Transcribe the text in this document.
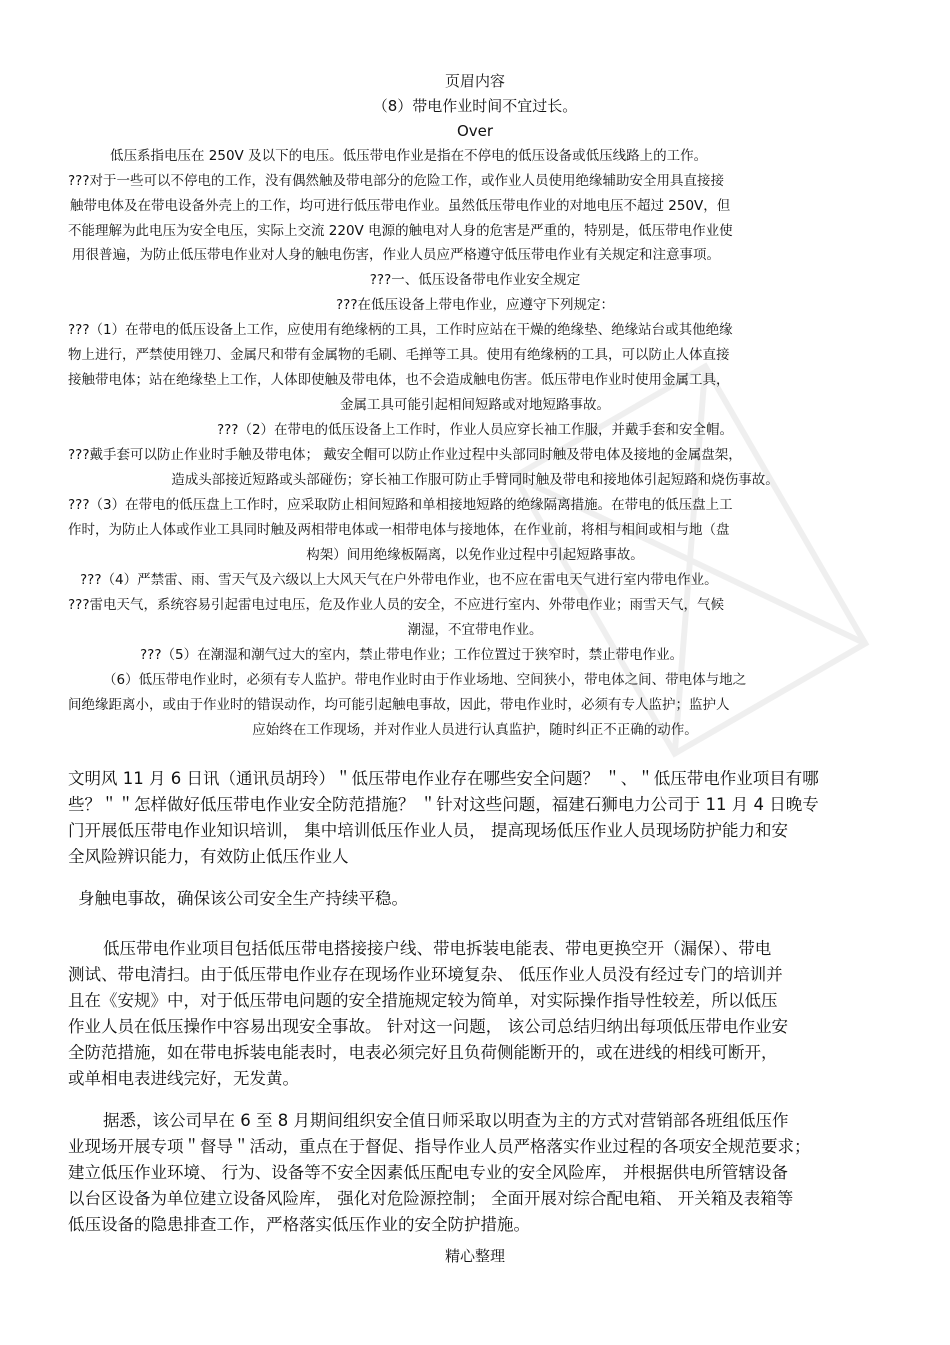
页眉内容
（8）带电作业时间不宜过长。
Over
低压系指电压在 250V 及以下的电压。低压带电作业是指在不停电的低压设备或低压线路上的工作。
???对于一些可以不停电的工作，没有偶然触及带电部分的危险工作，或作业人员使用绝缘辅助安全用具直接接
触带电体及在带电设备外壳上的工作，均可进行低压带电作业。虽然低压带电作业的对地电压不超过 250V，但
不能理解为此电压为安全电压，实际上交流 220V 电源的触电对人身的危害是严重的，特别是，低压带电作业使
用很普遍，为防止低压带电作业对人身的触电伤害，作业人员应严格遵守低压带电作业有关规定和注意事项。
???一、低压设备带电作业安全规定
???在低压设备上带电作业，应遵守下列规定：
???（1）在带电的低压设备上工作，应使用有绝缘柄的工具，工作时应站在干燥的绝缘垫、绝缘站台或其他绝缘
物上进行，严禁使用锉刀、金属尺和带有金属物的毛刷、毛掸等工具。使用有绝缘柄的工具，可以防止人体直接
接触带电体；站在绝缘垫上工作，人体即使触及带电体，也不会造成触电伤害。低压带电作业时使用金属工具，
金属工具可能引起相间短路或对地短路事故。
???（2）在带电的低压设备上工作时，作业人员应穿长袖工作服，并戴手套和安全帽。
???戴手套可以防止作业时手触及带电体； 戴安全帽可以防止作业过程中头部同时触及带电体及接地的金属盘架，
造成头部接近短路或头部碰伤；穿长袖工作服可防止手臂同时触及带电和接地体引起短路和烧伤事故。
???（3）在带电的低压盘上工作时，应采取防止相间短路和单相接地短路的绝缘隔离措施。在带电的低压盘上工
作时，为防止人体或作业工具同时触及两相带电体或一相带电体与接地体，在作业前，将相与相间或相与地（盘
构架）间用绝缘板隔离，以免作业过程中引起短路事故。
???（4）严禁雷、雨、雪天气及六级以上大风天气在户外带电作业，也不应在雷电天气进行室内带电作业。
???雷电天气，系统容易引起雷电过电压，危及作业人员的安全，不应进行室内、外带电作业；雨雪天气，气候
潮湿，不宜带电作业。
???（5）在潮湿和潮气过大的室内，禁止带电作业；工作位置过于狭窄时，禁止带电作业。
（6）低压带电作业时，必须有专人监护。带电作业时由于作业场地、空间狭小，带电体之间、带电体与地之
间绝缘距离小，或由于作业时的错误动作，均可能引起触电事故，因此，带电作业时，必须有专人监护；监护人
应始终在工作现场，并对作业人员进行认真监护，随时纠正不正确的动作。
文明风 11 月 6 日讯（通讯员胡玲）＂低压带电作业存在哪些安全问题？ ＂、＂低压带电作业项目有哪
些？＂＂怎样做好低压带电作业安全防范措施？ ＂针对这些问题，福建石狮电力公司于 11 月 4 日晚专
门开展低压带电作业知识培训， 集中培训低压作业人员， 提高现场低压作业人员现场防护能力和安
全风险辨识能力，有效防止低压作业人
身触电事故，确保该公司安全生产持续平稳。
低压带电作业项目包括低压带电搭接接户线、带电拆装电能表、带电更换空开（漏保）、带电
测试、带电清扫。由于低压带电作业存在现场作业环境复杂、 低压作业人员没有经过专门的培训并
且在《安规》中，对于低压带电问题的安全措施规定较为简单，对实际操作指导性较差，所以低压
作业人员在低压操作中容易出现安全事故。 针对这一问题， 该公司总结归纳出每项低压带电作业安
全防范措施，如在带电拆装电能表时，电表必须完好且负荷侧能断开的，或在进线的相线可断开，
或单相电表进线完好，无发黄。
据悉，该公司早在 6 至 8 月期间组织安全值日师采取以明查为主的方式对营销部各班组低压作
业现场开展专项＂督导＂活动，重点在于督促、指导作业人员严格落实作业过程的各项安全规范要求；
建立低压作业环境、 行为、设备等不安全因素低压配电专业的安全风险库， 并根据供电所管辖设备
以台区设备为单位建立设备风险库， 强化对危险源控制； 全面开展对综合配电箱、 开关箱及表箱等
低压设备的隐患排查工作，严格落实低压作业的安全防护措施。
精心整理
